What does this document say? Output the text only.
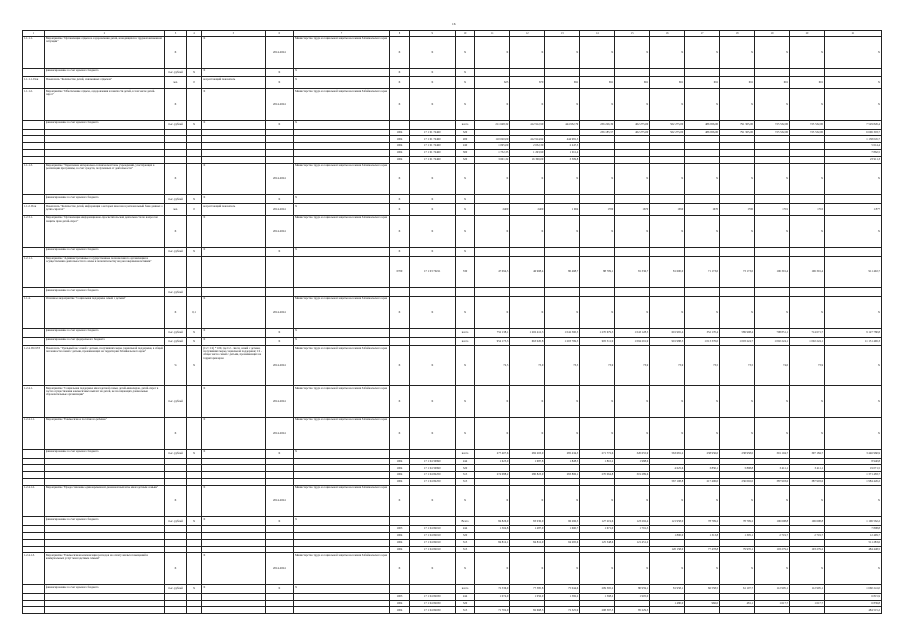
16
1	2	3	4	5	6	7	8	9	10	11	12	13	14	15	16	17	18	19	20	21
1.1.1.1.	Мероприятие "Организация отдыха и оздоровления детей, находящихся в трудной жизненной ситуации"	X		X	2014-2024	Министерство труда и социальной защиты населения Забайкальского края	X	X	X	X	X	X	X	X	X	X	X	X	X	X
	финансирование за счет краевого бюджета	тыс. рублей	X	X	X	X	X	X	X											
1.1.1.1. Пок	Показатель "Количество детей, охваченных отдыхом"	чел.	0	возрастающий показатель	X	X	X	X	X	625	670	691	691	691	691	691	691	691	691	X
1.1.1.2.	Мероприятие "Обеспечение отдыха, оздоровления и занятости детей, в том числе детей-сирот"	X		X	2014-2024	Министерство труда и социальной защиты населения Забайкальского края	X	X	X	X	X	X	X	X	X	X	X	X	X	X
	финансирование за счет краевого бюджета	тыс. рублей	X	X	X	X			всего	211 648,32	412 912,99	444 932,79	236 226,39	402 275,00	502 275,00	486 956,00	791 305,00	725 532,00	725 532,00	7 529 826,4
							1004	17 1 01 72460	320				236 185,57	402 275,00	502 275,00	486 956,00	791 305,00	725 532,00	725 532,00	6 696 303,7
							1004	17 1 01 72460	200	110 020,00	412 914,92	444 981,5								1 138 045,7
							1004	17 1 01 72460	240	1 095,00	2 032,30	2 247,5								5 614,4
							1004	17 1 01 72460	300	1 732,35	1 293,90	1 011,4								7 862,5
							1004	17 1 01 72460	320	3 601,32	16 300,00	3 509,8								23 911,3
1.1.1.3.	Мероприятие "Укрепление материально-технической базы учреждений, участвующих в реализации программы, за счет средств, полученных от деятельности"	X		X	2014-2024	Министерство труда и социальной защиты населения Забайкальского края	X	X	X	X	X	X	X	X	X	X	X	X	X	X
	финансирование за счет краевого бюджета	тыс. рублей	X	X	X	X	X	X	X											
1.1.2. Пок	Показатель "Количество детей, информация о которых внесена в региональный банк данных о детях-сиротах"	чел.	0	возрастающий показатель	2014-2024	X	X	X	X	2400	2400	1 904	1700	1670	1650	1670	1700	1701	1710	1 877
1.2.3.1.	Мероприятие "Организация информационно-просветительской деятельности по вопросам защиты прав детей-сирот"	X		X	2014-2024	Министерство труда и социальной защиты населения Забайкальского края	X	X	X	X	X	X	X	X	X	X	X	X	X	X
	финансирование за счет краевого бюджета	тыс. рублей	X	X	X	X	X	X	X											
1.2.1.1.	Мероприятие "Административные государственные полномочия по организации и осуществлению деятельности по опеке и попечительству над несовершеннолетними"						0709	17 1 03 79211	330	47 094,5	46 908,4	80 498,7	88 709,1	81 336,7	81 600,0	71 173,0	73 173,0	106 391,4	106 391,4	911 402,7
	финансирование за счет краевого бюджета	тыс. рублей																		
1.1.4.	Основное мероприятие "Социальная поддержка семей с детьми"	X	0,1	X	2014-2024	Министерство труда и социальной защиты населения Забайкальского края	X	X	X	X	X	X	X	X	X	X	X	X	X	X
	финансирование за счет краевого бюджета	тыс. рублей	X	X	X	X			всего	752 138,1	1 202 412,3	1 042 360,5	1 270 679,3	1 043 128,5	601 965,4	352 170,4	589 998,4	798 851,1	714 671,7	9 127 780,8
	финансирование за счет федерального бюджета	тыс. рублей	X	X	X	X			всего	954 173,3	663 020,8	1 203 769,5	905 511,9	1 094 291,9	991 988,3	1 013 376,0	1 003 224,7	1 002 224,1	1 002 224,1	11 151 496,3
1.2.4. ПО13Т	Показатель "Удельный вес семей с детьми, получивших меры социальной поддержки, в общей численности семей с детьми, проживающих на территории Забайкальского края"	%	X	(С2 \ С2) * 100, где С2 - число семей с детьми, получивших меры социальной поддержки; С2 - общее число семей с детьми, проживающих на территории края	2014-2024	Министерство труда и социальной защиты населения Забайкальского края	X	X	X	72,5	73,0	73,5	73,9	73,9	73,9	73,5	73,5	74,0	73,9	X
1.2.4.1.	Мероприятие "Социальная поддержка многодетной семьи, детей-инвалидов, детей-сирот в части осуществления ежемесячных выплат на детей, не посещающих дошкольные образовательные организации"	тыс. рублей		X	2014-2024	Министерство труда и социальной защиты населения Забайкальского края	X	X	X	X	X	X	X	X	X	X	X	X	X	X
1.2.4.1.1.	Мероприятие "Ежемесячное пособие на ребенка"	X		X	2014-2024	Министерство труда и социальной защиты населения Забайкальского края	X	X	X	X	X	X	X	X	X	X	X	X	X	X
	финансирование за счет краевого бюджета	тыс. рублей	X	X	X	X			всего	277 407,6	282 203,9	285 434,5	271 772,6	320 655,9	563 681,2	238 956,0	238 958,0	391 104,7	397 184,7	3 446 960,9
							1004	17 1 04 50990	244	1 625,0	1 687,8	1 828,5	1 810,2	1 988,6						8 940,8
							1004	17 1 04 50990	320						4 625,6	3 850,1	3 898,8	3 411,1	3 411,1	19 071,5
							1004	17 1 04 82250	313	274 088,2	280 823,9	283 806,1	270 064,8	319 289,6						1 371 483,7
							1004	17 1 04 82250	313						567 108,8	217 406,0	236 002,0	387 903,6	387 903,6	1 984 426,2
1.2.4.1.2.	Мероприятие "Предоставление единовременной денежной выплаты многодетным семьям"	X		X	2014-2024	Министерство труда и социальной защиты населения Забайкальского края	X	X	X	X	X	X	X	X	X	X	X	X	X	X
	финансирование за счет краевого бюджета	тыс. рублей	X	X	X	X			Всего	84 826,9	83 036,9	96 296,3	127 219,6	123 292,4	121 958,0	78 799,2	78 799,2	106 698,8	106 698,8	1 106 562,2
							1003	17 1 04 82010	244	1 304,8	1 487,0	1 660,7	1 671,0	1 791,3						7 898,8
							1004	17 1 04 82010	320						1 800,0	1 313,8	1 305,1	2 719,7	2 719,7	12 409,7
							1004	17 1 04 82010	313	84 812,1	84 812,9	94 295,6	125 548,6	121 451,2						511 283,6
							1004	17 1 04 82010	313						120 158,0	77 478,8	79 970,1	103 279,2	103 279,2	484 448,5
1.2.4.1.3.	Мероприятие "Ежемесячная компенсация расходов на оплату жилых помещений и коммунальных услуг многодетным семьям"	X		X	2014-2024	Министерство труда и социальной защиты населения Забайкальского края	X	X	X	X	X	X	X	X	X	X	X	X	X	X
	финансирование за счет краевого бюджета	тыс. рублей	X	X	X	X			всего	72 336,9	77 385,8	75 044,6	209 395,2	80 959,1	81 958,1	66 558,5	61 107,7	112 995,1	112 995,1	1 660 241,0
							1003	17 1 04 82030	244	1 074,9	1 056,0	1 382,2	1 398,2	1 905,0						6 815,9
							1004	17 1 04 82030	320						1 480,0	966,0	481,1	1 617,7	1 617,7	6 839,8
							1004	17 1 04 82030	313	71 702,0	82 668,3	72 325,9	208 597,3	85 229,3						484 515,2
